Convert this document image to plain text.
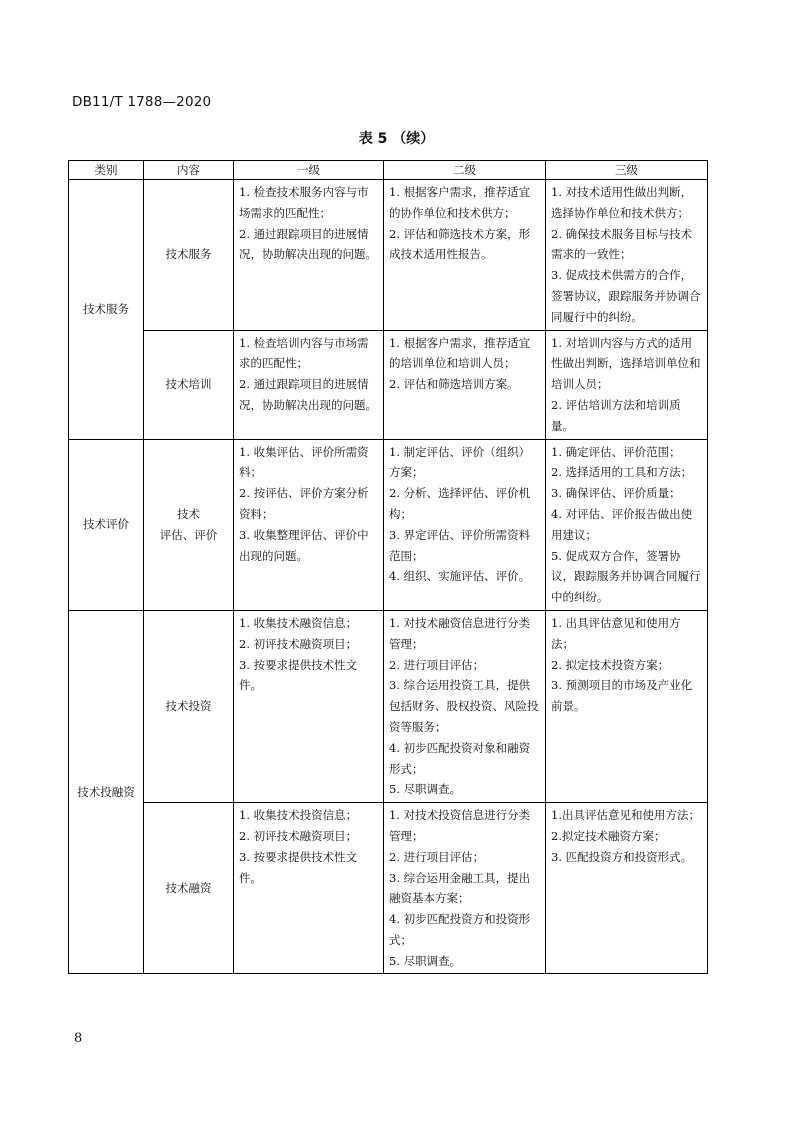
DB11/T 1788—2020
表 5 （续）
类别	内容	一级	二级	三级
技术服务	技术服务	1. 检查技术服务内容与市场需求的匹配性；
2. 通过跟踪项目的进展情况，协助解决出现的问题。	1. 根据客户需求，推荐适宜的协作单位和技术供方；
2. 评估和筛选技术方案，形成技术适用性报告。	1. 对技术适用性做出判断，选择协作单位和技术供方；
2. 确保技术服务目标与技术需求的一致性；
3. 促成技术供需方的合作，签署协议，跟踪服务并协调合同履行中的纠纷。

	技术培训	1. 检查培训内容与市场需求的匹配性；
2. 通过跟踪项目的进展情况，协助解决出现的问题。	1. 根据客户需求，推荐适宜的培训单位和培训人员；
2. 评估和筛选培训方案。	1. 对培训内容与方式的适用性做出判断，选择培训单位和培训人员；
2. 评估培训方法和培训质量。

技术评价	技术
评估、评价	1. 收集评估、评价所需资料；
2. 按评估、评价方案分析资料；
3. 收集整理评估、评价中出现的问题。	1. 制定评估、评价（组织）方案；
2. 分析、选择评估、评价机构；
3. 界定评估、评价所需资料范围；
4. 组织、实施评估、评价。	1. 确定评估、评价范围；
2. 选择适用的工具和方法；
3. 确保评估、评价质量；
4. 对评估、评价报告做出使用建议；
5. 促成双方合作，签署协议，跟踪服务并协调合同履行中的纠纷。

技术投融资	技术投资	1. 收集技术融资信息；
2. 初评技术融资项目；
3. 按要求提供技术性文件。	1. 对技术融资信息进行分类管理；
2. 进行项目评估；
3. 综合运用投资工具，提供包括财务、股权投资、风险投资等服务；
4. 初步匹配投资对象和融资形式；
5. 尽职调查。	1. 出具评估意见和使用方法；
2. 拟定技术投资方案；
3. 预测项目的市场及产业化前景。

	技术融资	1. 收集技术投资信息；
2. 初评技术融资项目；
3. 按要求提供技术性文件。	1. 对技术投资信息进行分类管理；
2. 进行项目评估；
3. 综合运用金融工具，提出融资基本方案；
4. 初步匹配投资方和投资形式；
5. 尽职调查。	1.出具评估意见和使用方法；
2.拟定技术融资方案；
3. 匹配投资方和投资形式。
8
